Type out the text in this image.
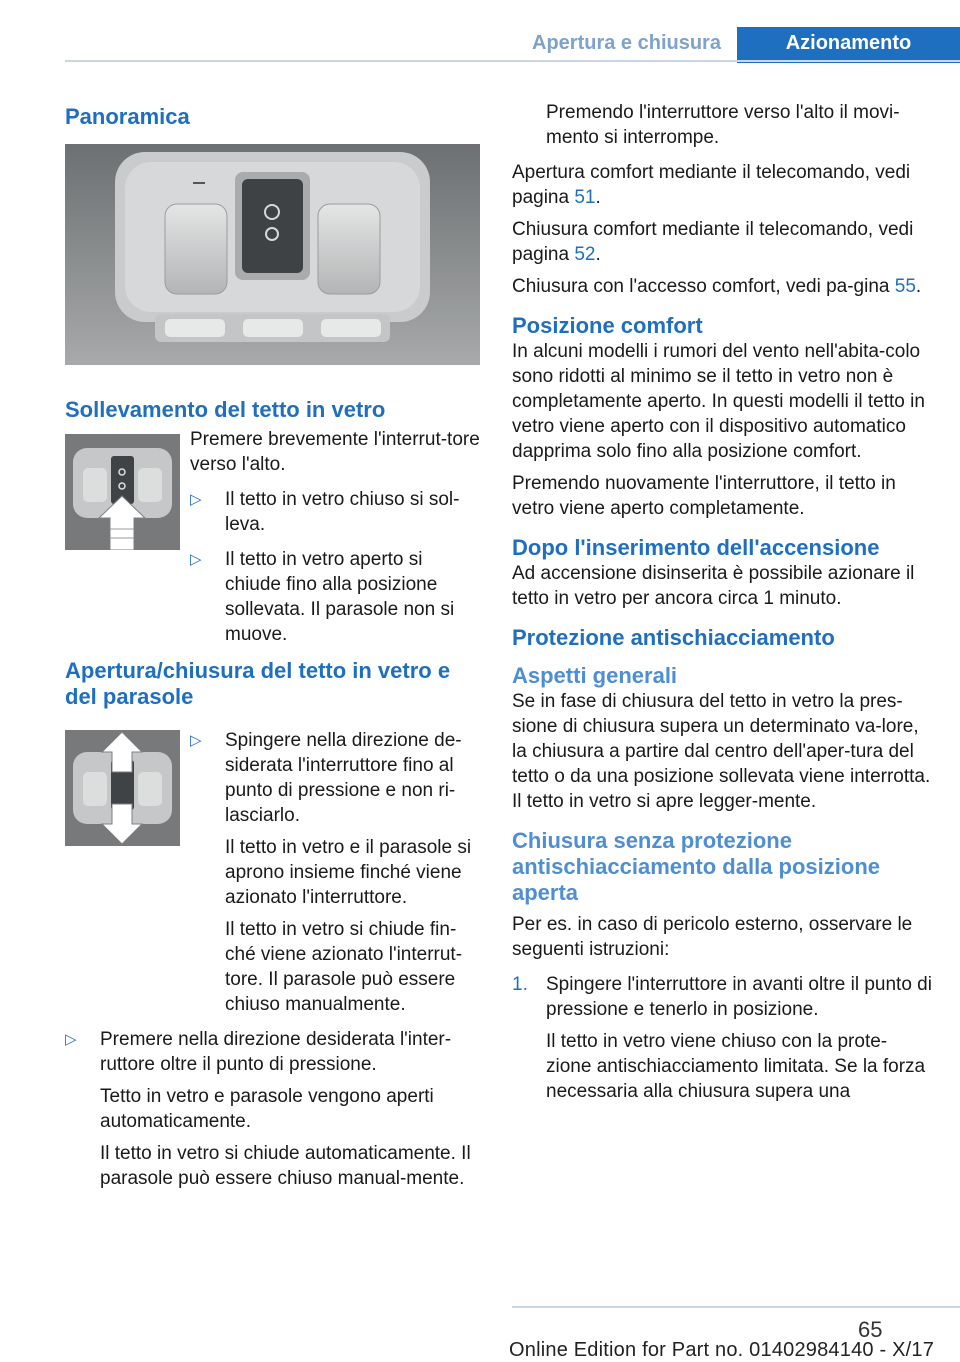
Apertura e chiusura	Azionamento
Panoramica
Sollevamento del tetto in vetro

Premere brevemente l'interrut-tore verso l'alto.

▷ Il tetto in vetro chiuso si sol-leva.

▷ Il tetto in vetro aperto si chiude fino alla posizione sollevata. Il parasole non si muove.

Apertura/chiusura del tetto in vetro e del parasole
▷ Spingere nella direzione de-siderata l'interruttore fino al punto di pressione e non ri-lasciarlo.

Il tetto in vetro e il parasole si aprono insieme finché viene azionato l'interruttore.

Il tetto in vetro si chiude fin-ché viene azionato l'interrut-tore. Il parasole può essere chiuso manualmente.

▷ Premere nella direzione desiderata l'inter-ruttore oltre il punto di pressione.

Tetto in vetro e parasole vengono aperti automaticamente.

Il tetto in vetro si chiude automaticamente. Il parasole può essere chiuso manual-mente.

Premendo l'interruttore verso l'alto il movi-mento si interrompe.

Apertura comfort mediante il telecomando, vedi pagina 51.

Chiusura comfort mediante il telecomando, vedi pagina 52.

Chiusura con l'accesso comfort, vedi pa-gina 55.

Posizione comfort

In alcuni modelli i rumori del vento nell'abita-colo sono ridotti al minimo se il tetto in vetro non è completamente aperto. In questi modelli il tetto in vetro viene aperto con il dispositivo automatico dapprima solo fino alla posizione comfort.

Premendo nuovamente l'interruttore, il tetto in vetro viene aperto completamente.

Dopo l'inserimento dell'accensione

Ad accensione disinserita è possibile azionare il tetto in vetro per ancora circa 1 minuto.

Protezione antischiacciamento
Aspetti generali

Se in fase di chiusura del tetto in vetro la pres-sione di chiusura supera un determinato va-lore, la chiusura a partire dal centro dell'aper-tura del tetto o da una posizione sollevata viene interrotta. Il tetto in vetro si apre legger-mente.

Chiusura senza protezione antischiacciamento dalla posizione aperta

Per es. in caso di pericolo esterno, osservare le seguenti istruzioni:

1. Spingere l'interruttore in avanti oltre il punto di pressione e tenerlo in posizione.

Il tetto in vetro viene chiuso con la prote-zione antischiacciamento limitata. Se la forza necessaria alla chiusura supera una

65
Online Edition for Part no. 01402984140 - X/17
